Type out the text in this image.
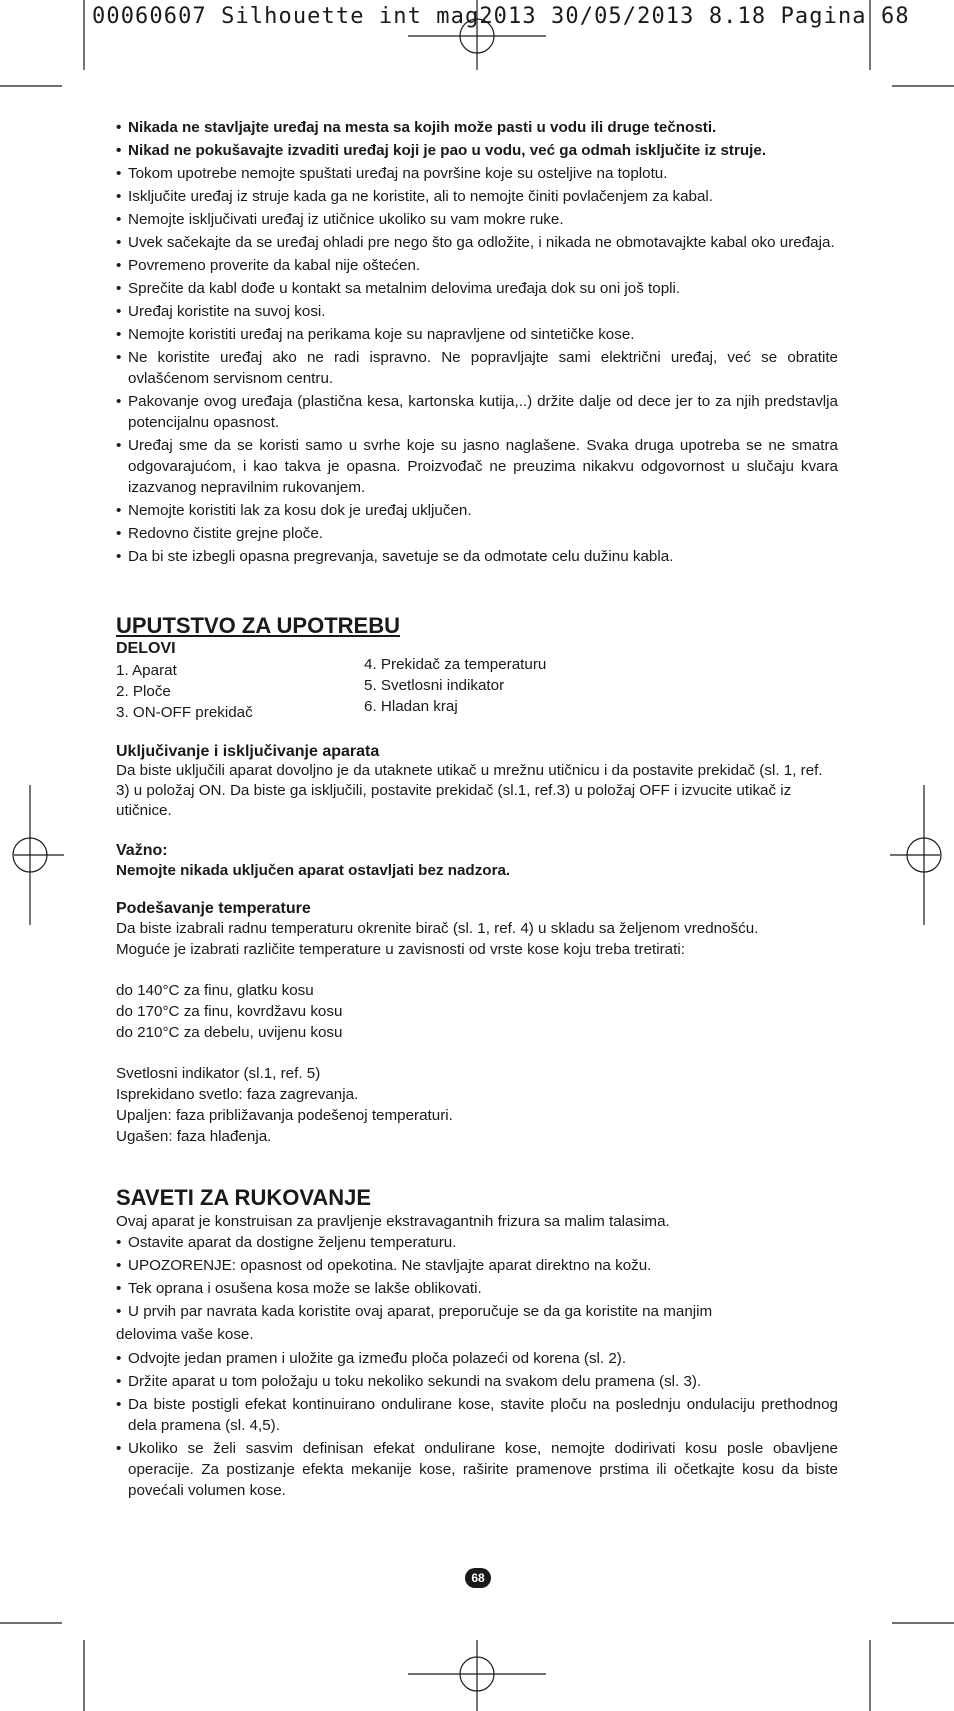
00060607 Silhouette int mag2013 30/05/2013 8.18 Pagina 68
• Nikada ne stavljajte uređaj na mesta sa kojih može pasti u vodu ili druge tečnosti.
• Nikad ne pokušavajte izvaditi uređaj koji je pao u vodu, već ga odmah isključite iz struje.
• Tokom upotrebe nemojte spuštati uređaj na površine koje su osteljive na toplotu.
• Isključite uređaj iz struje kada ga ne koristite, ali to nemojte činiti povlačenjem za kabal.
• Nemojte isključivati uređaj iz utičnice ukoliko su vam mokre ruke.
• Uvek sačekajte da se uređaj ohladi pre nego što ga odložite, i nikada ne obmotavajkte kabal oko uređaja.
• Povremeno proverite da kabal nije oštećen.
• Sprečite da kabl dođe u kontakt sa metalnim delovima uređaja dok su oni još topli.
• Uređaj koristite na suvoj kosi.
• Nemojte koristiti uređaj na perikama koje su napravljene od sintetičke kose.
• Ne koristite uređaj ako ne radi ispravno. Ne popravljajte sami električni uređaj, već se obratite ovlašćenom servisnom centru.
• Pakovanje ovog uređaja (plastična kesa, kartonska kutija,..) držite dalje od dece jer to za njih predstavlja potencijalnu opasnost.
• Uređaj sme da se koristi samo u svrhe koje su jasno naglašene. Svaka druga upotreba se ne smatra odgovarajućom, i kao takva je opasna. Proizvođač ne preuzima nikakvu odgovornost u slučaju kvara izazvanog nepravilnim rukovanjem.
• Nemojte koristiti lak za kosu dok je uređaj uključen.
• Redovno čistite grejne ploče.
• Da bi ste izbegli opasna pregrevanja, savetuje se da odmotate celu dužinu kabla.
UPUTSTVO ZA UPOTREBU
DELOVI
1. Aparat
2. Ploče
3. ON-OFF prekidač
4. Prekidač za temperaturu
5. Svetlosni indikator
6. Hladan kraj
Uključivanje i isključivanje aparata

Da biste uključili aparat dovoljno je da utaknete utikač u mrežnu utičnicu i da postavite prekidač (sl. 1, ref. 3) u položaj ON. Da biste ga isključili, postavite prekidač (sl.1, ref.3) u položaj OFF i izvucite utikač iz utičnice.

Važno:

Nemojte nikada uključen aparat ostavljati bez nadzora.

Podešavanje temperature

Da biste izabrali radnu temperaturu okrenite birač (sl. 1, ref. 4) u skladu sa željenom vrednošću.

Moguće je izabrati različite temperature u zavisnosti od vrste kose koju treba tretirati:

do 140°C za finu, glatku kosu

do 170°C za finu, kovrdžavu kosu

do 210°C za debelu, uvijenu kosu

Svetlosni indikator (sl.1, ref. 5)

Isprekidano svetlo: faza zagrevanja.

Upaljen: faza približavanja podešenoj temperaturi.

Ugašen: faza hlađenja.

SAVETI ZA RUKOVANJE

Ovaj aparat je konstruisan za pravljenje ekstravagantnih frizura sa malim talasima.

• Ostavite aparat da dostigne željenu temperaturu.
• UPOZORENJE: opasnost od opekotina. Ne stavljajte aparat direktno na kožu.
• Tek oprana i osušena kosa može se lakše oblikovati.
• U prvih par navrata kada koristite ovaj aparat, preporučuje se da ga koristite na manjim

delovima vaše kose.

• Odvojte jedan pramen i uložite ga između ploča polazeći od korena (sl. 2).
• Držite aparat u tom položaju u toku nekoliko sekundi na svakom delu pramena (sl. 3).
• Da biste postigli efekat kontinuirano ondulirane kose, stavite ploču na poslednju ondulaciju prethodnog dela pramena (sl. 4,5).
• Ukoliko se želi sasvim definisan efekat ondulirane kose, nemojte dodirivati kosu posle obavljene operacije. Za postizanje efekta mekanije kose, raširite pramenove prstima ili očetkajte kosu da biste povećali volumen kose.
68
